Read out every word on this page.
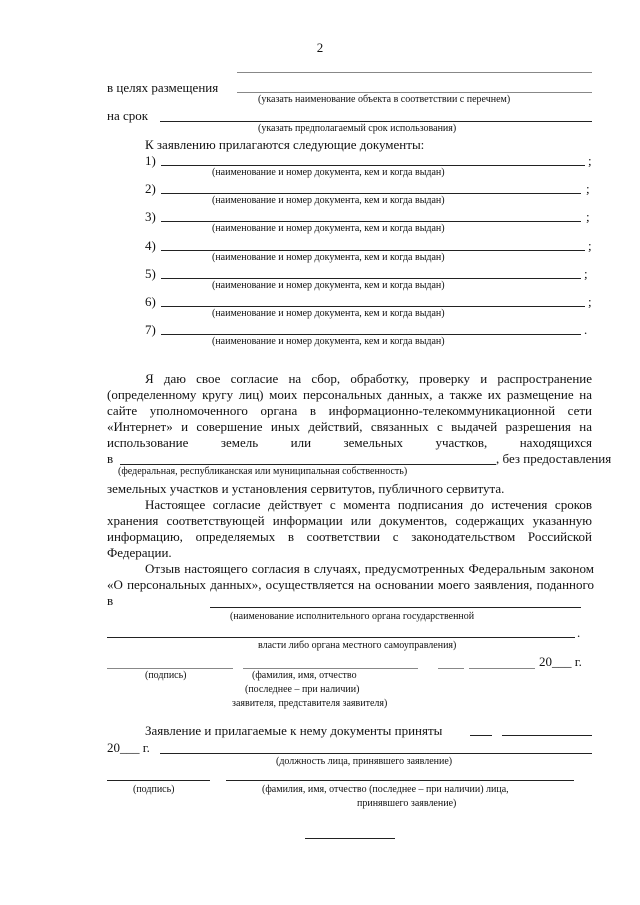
2
в целях размещения
(указать наименование объекта в соответствии с перечнем)
на срок
(указать предполагаемый срок использования)
К заявлению прилагаются следующие документы:
1)	;
(наименование и номер документа, кем и когда выдан)
2)	;
(наименование и номер документа, кем и когда выдан)
3)	;
(наименование и номер документа, кем и когда выдан)
4)	;
(наименование и номер документа, кем и когда выдан)
5)	;
(наименование и номер документа, кем и когда выдан)
6)	;
(наименование и номер документа, кем и когда выдан)
7)	.
(наименование и номер документа, кем и когда выдан)
Я даю свое согласие на сбор, обработку, проверку и распространение (определенному кругу лиц) моих персональных данных, а также их размещение на сайте уполномоченного органа в информационно-телекоммуникационной сети «Интернет» и совершение иных действий, связанных с выдачей разрешения на использование земель или земельных участков, находящихся
в	, без предоставления
(федеральная, республиканская или муниципальная собственность)
земельных участков и установления сервитутов, публичного сервитута.
Настоящее согласие действует с момента подписания до истечения сроков хранения соответствующей информации или документов, содержащих указанную информацию, определяемых в соответствии с законодательством Российской Федерации.
Отзыв настоящего согласия в случаях, предусмотренных Федеральным законом «О персональных данных», осуществляется на основании моего заявления, поданного в
(наименование исполнительного органа государственной
.
власти либо органа местного самоуправления)
20___ г.
(подпись)	(фамилия, имя, отчество
(последнее – при наличии)
заявителя, представителя заявителя)
Заявление и прилагаемые к нему документы приняты
20___ г.
(должность лица, принявшего заявление)
(подпись)	(фамилия, имя, отчество (последнее – при наличии) лица,
принявшего заявление)
